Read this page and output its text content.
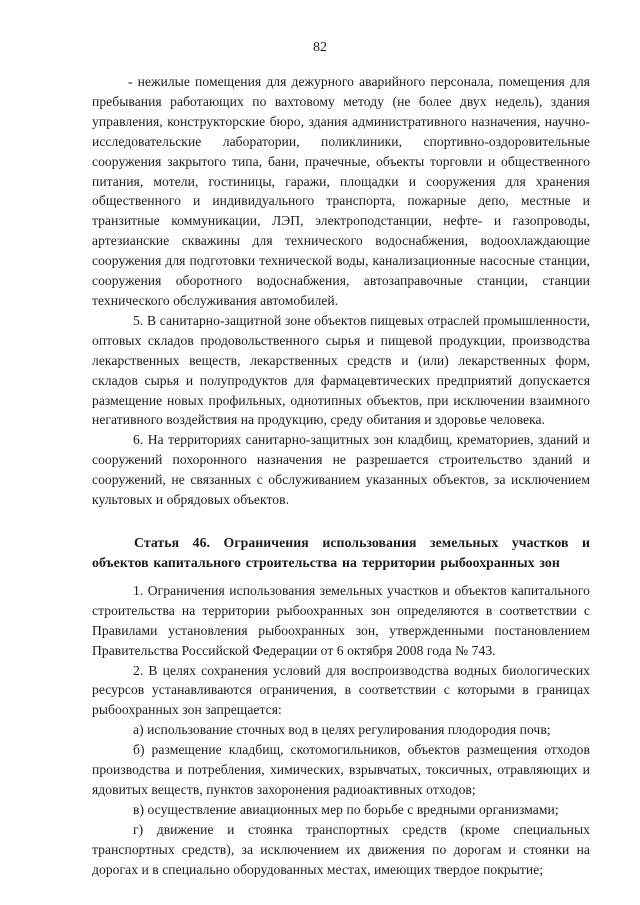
82

- нежилые помещения для дежурного аварийного персонала, помещения для пребывания работающих по вахтовому методу (не более двух недель), здания управления, конструкторские бюро, здания административного назначения, научно-исследовательские лаборатории, поликлиники, спортивно-оздоровительные сооружения закрытого типа, бани, прачечные, объекты торговли и общественного питания, мотели, гостиницы, гаражи, площадки и сооружения для хранения общественного и индивидуального транспорта, пожарные депо, местные и транзитные коммуникации, ЛЭП, электроподстанции, нефте- и газопроводы, артезианские скважины для технического водоснабжения, водоохлаждающие сооружения для подготовки технической воды, канализационные насосные станции, сооружения оборотного водоснабжения, автозаправочные станции, станции технического обслуживания автомобилей.

5. В санитарно-защитной зоне объектов пищевых отраслей промышленности, оптовых складов продовольственного сырья и пищевой продукции, производства лекарственных веществ, лекарственных средств и (или) лекарственных форм, складов сырья и полупродуктов для фармацевтических предприятий допускается размещение новых профильных, однотипных объектов, при исключении взаимного негативного воздействия на продукцию, среду обитания и здоровье человека.

6. На территориях санитарно-защитных зон кладбищ, крематориев, зданий и сооружений похоронного назначения не разрешается строительство зданий и сооружений, не связанных с обслуживанием указанных объектов, за исключением культовых и обрядовых объектов.

Статья 46. Ограничения использования земельных участков и объектов капитального строительства на территории рыбоохранных зон

1. Ограничения использования земельных участков и объектов капитального строительства на территории рыбоохранных зон определяются в соответствии с Правилами установления рыбоохранных зон, утвержденными постановлением Правительства Российской Федерации от 6 октября 2008 года № 743.

2. В целях сохранения условий для воспроизводства водных биологических ресурсов устанавливаются ограничения, в соответствии с которыми в границах рыбоохранных зон запрещается:

а) использование сточных вод в целях регулирования плодородия почв;

б) размещение кладбищ, скотомогильников, объектов размещения отходов производства и потребления, химических, взрывчатых, токсичных, отравляющих и ядовитых веществ, пунктов захоронения радиоактивных отходов;

в) осуществление авиационных мер по борьбе с вредными организмами;

г) движение и стоянка транспортных средств (кроме специальных транспортных средств), за исключением их движения по дорогам и стоянки на дорогах и в специально оборудованных местах, имеющих твердое покрытие;
